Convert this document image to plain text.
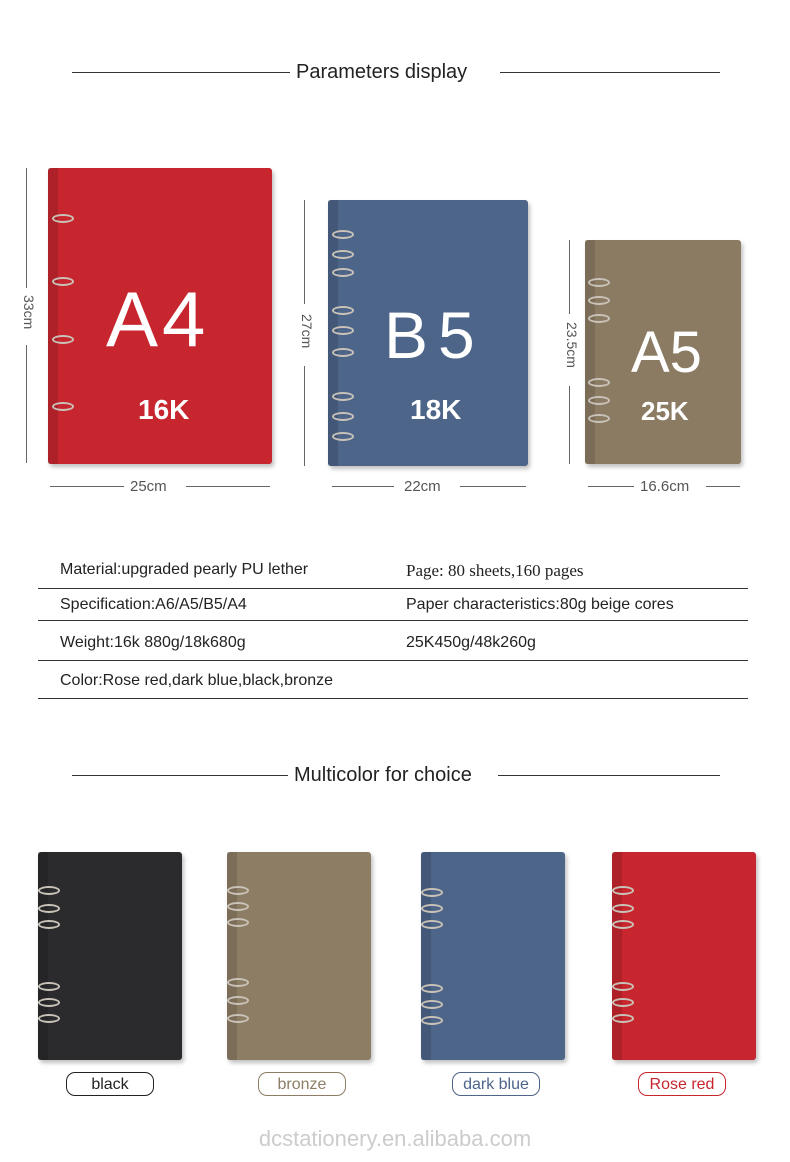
Parameters display
33cm A4
16K
25cm
27cm B5
18K
22cm
23.5cm A5
25K
16.6cm
Material:upgraded pearly PU lether	Page: 80 sheets,160 pages
Specification:A6/A5/B5/A4	Paper characteristics:80g beige cores
Weight:16k 880g/18k680g	25K450g/48k260g
Color:Rose red,dark blue,black,bronze
Multicolor for choice
black	bronze	dark blue	Rose red
dcstationery.en.alibaba.com
